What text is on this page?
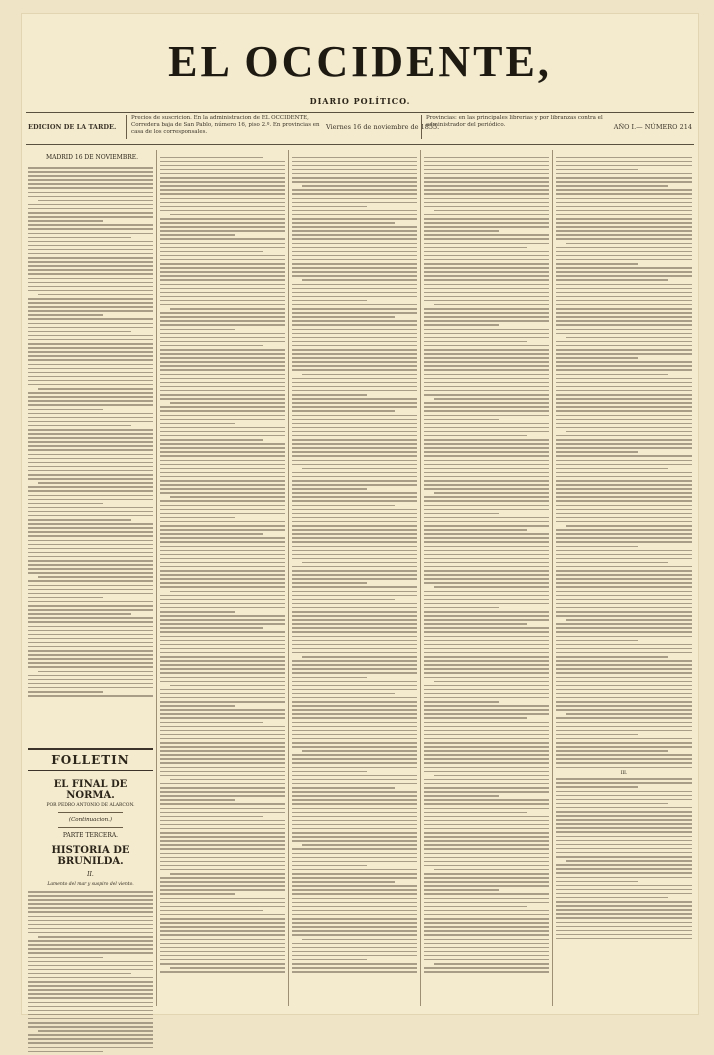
EL OCCIDENTE,
DIARIO POLÍTICO.
EDICION DE LA TARDE.
Precios de suscricion. En la administracion de EL OCCIDENTE, Corredera baja de San Pablo, número 16, piso 2.º. En provincias en casa de los corresponsales.
Viernes 16 de noviembre de 1855.
Provincias: en las principales librerías y por libranzas contra el administrador del periódico.	AÑO I.— NÚMERO 214
MADRID 16 DE NOVIEMBRE.
FOLLETIN
EL FINAL DE NORMA.
POR PEDRO ANTONIO DE ALARCON.
(Continuacion.)
PARTE TERCERA.
HISTORIA DE BRUNILDA.
II.
Lamento del mar y suspiro del viento.
III.
